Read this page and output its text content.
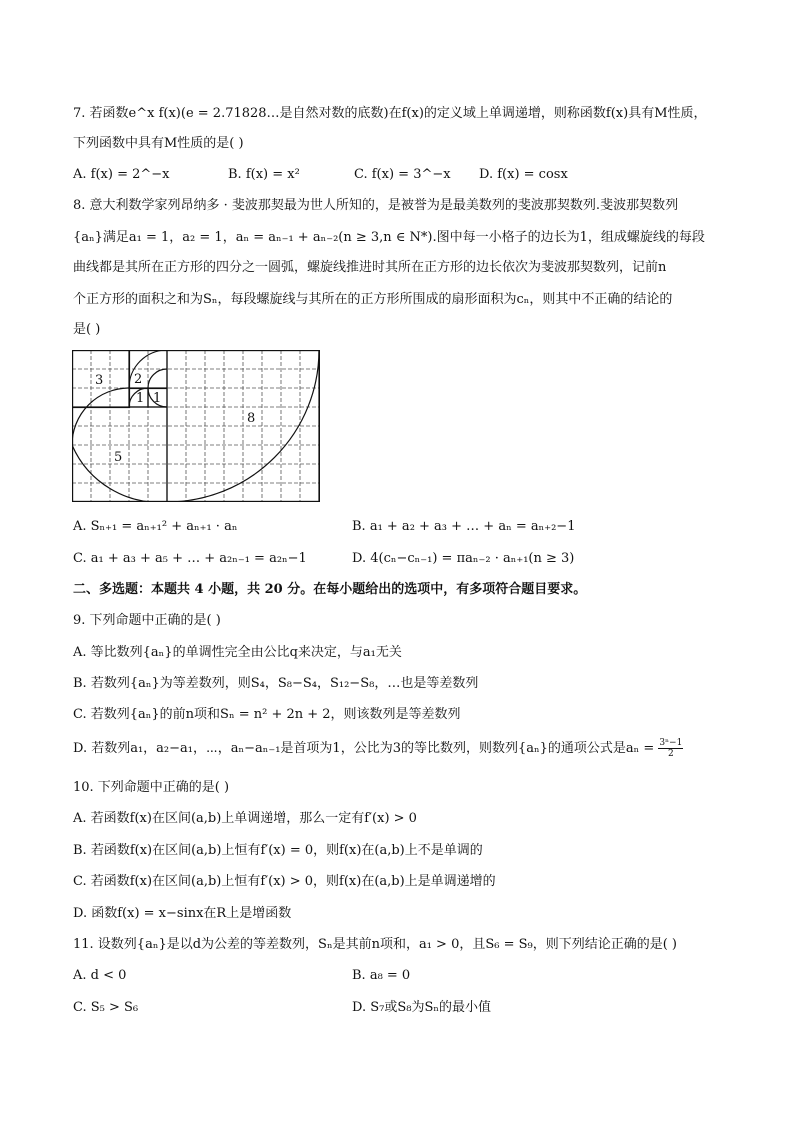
7. 若函数e^x f(x)(e = 2.71828…是自然对数的底数)在f(x)的定义域上单调递增，则称函数f(x)具有M性质，
下列函数中具有M性质的是( )
A. f(x) = 2^−x	B. f(x) = x²	C. f(x) = 3^−x D. f(x) = cosx
8. 意大利数学家列昂纳多 · 斐波那契最为世人所知的，是被誉为是最美数列的斐波那契数列.斐波那契数列
{aₙ}满足a₁ = 1，a₂ = 1，aₙ = aₙ₋₁ + aₙ₋₂(n ≥ 3,n ∈ N*).图中每一小格子的边长为1，组成螺旋线的每段
曲线都是其所在正方形的四分之一圆弧，螺旋线推进时其所在正方形的边长依次为斐波那契数列，记前n
个正方形的面积之和为Sₙ，每段螺旋线与其所在的正方形所围成的扇形面积为cₙ，则其中不正确的结论的
是( )
3 2
1 1
8
5
A. Sₙ₊₁ = aₙ₊₁² + aₙ₊₁ · aₙ	B. a₁ + a₂ + a₃ + … + aₙ = aₙ₊₂−1
C. a₁ + a₃ + a₅ + … + a₂ₙ₋₁ = a₂ₙ−1	D. 4(cₙ−cₙ₋₁) = πaₙ₋₂ · aₙ₊₁(n ≥ 3)
二、多选题：本题共 4 小题，共 20 分。在每小题给出的选项中，有多项符合题目要求。
9. 下列命题中正确的是( )
A. 等比数列{aₙ}的单调性完全由公比q来决定，与a₁无关
B. 若数列{aₙ}为等差数列，则S₄，S₈−S₄，S₁₂−S₈，…也是等差数列
C. 若数列{aₙ}的前n项和Sₙ = n² + 2n + 2，则该数列是等差数列
D. 若数列a₁，a₂−a₁，⋯，aₙ−aₙ₋₁是首项为1，公比为3的等比数列，则数列{aₙ}的通项公式是$a_n = \frac{\text{3ⁿ−1}}{2}$
10. 下列命题中正确的是( )
A. 若函数f(x)在区间(a,b)上单调递增，那么一定有f′(x) > 0
B. 若函数f(x)在区间(a,b)上恒有f′(x) = 0，则f(x)在(a,b)上不是单调的
C. 若函数f(x)在区间(a,b)上恒有f′(x) > 0，则f(x)在(a,b)上是单调递增的
D. 函数f(x) = x−sinx在R上是增函数
11. 设数列{aₙ}是以d为公差的等差数列，Sₙ是其前n项和，a₁ > 0，且S₆ = S₉，则下列结论正确的是( )
A. d < 0	B. a₈ = 0
C. S₅ > S₆	D. S₇或S₈为Sₙ的最小值
